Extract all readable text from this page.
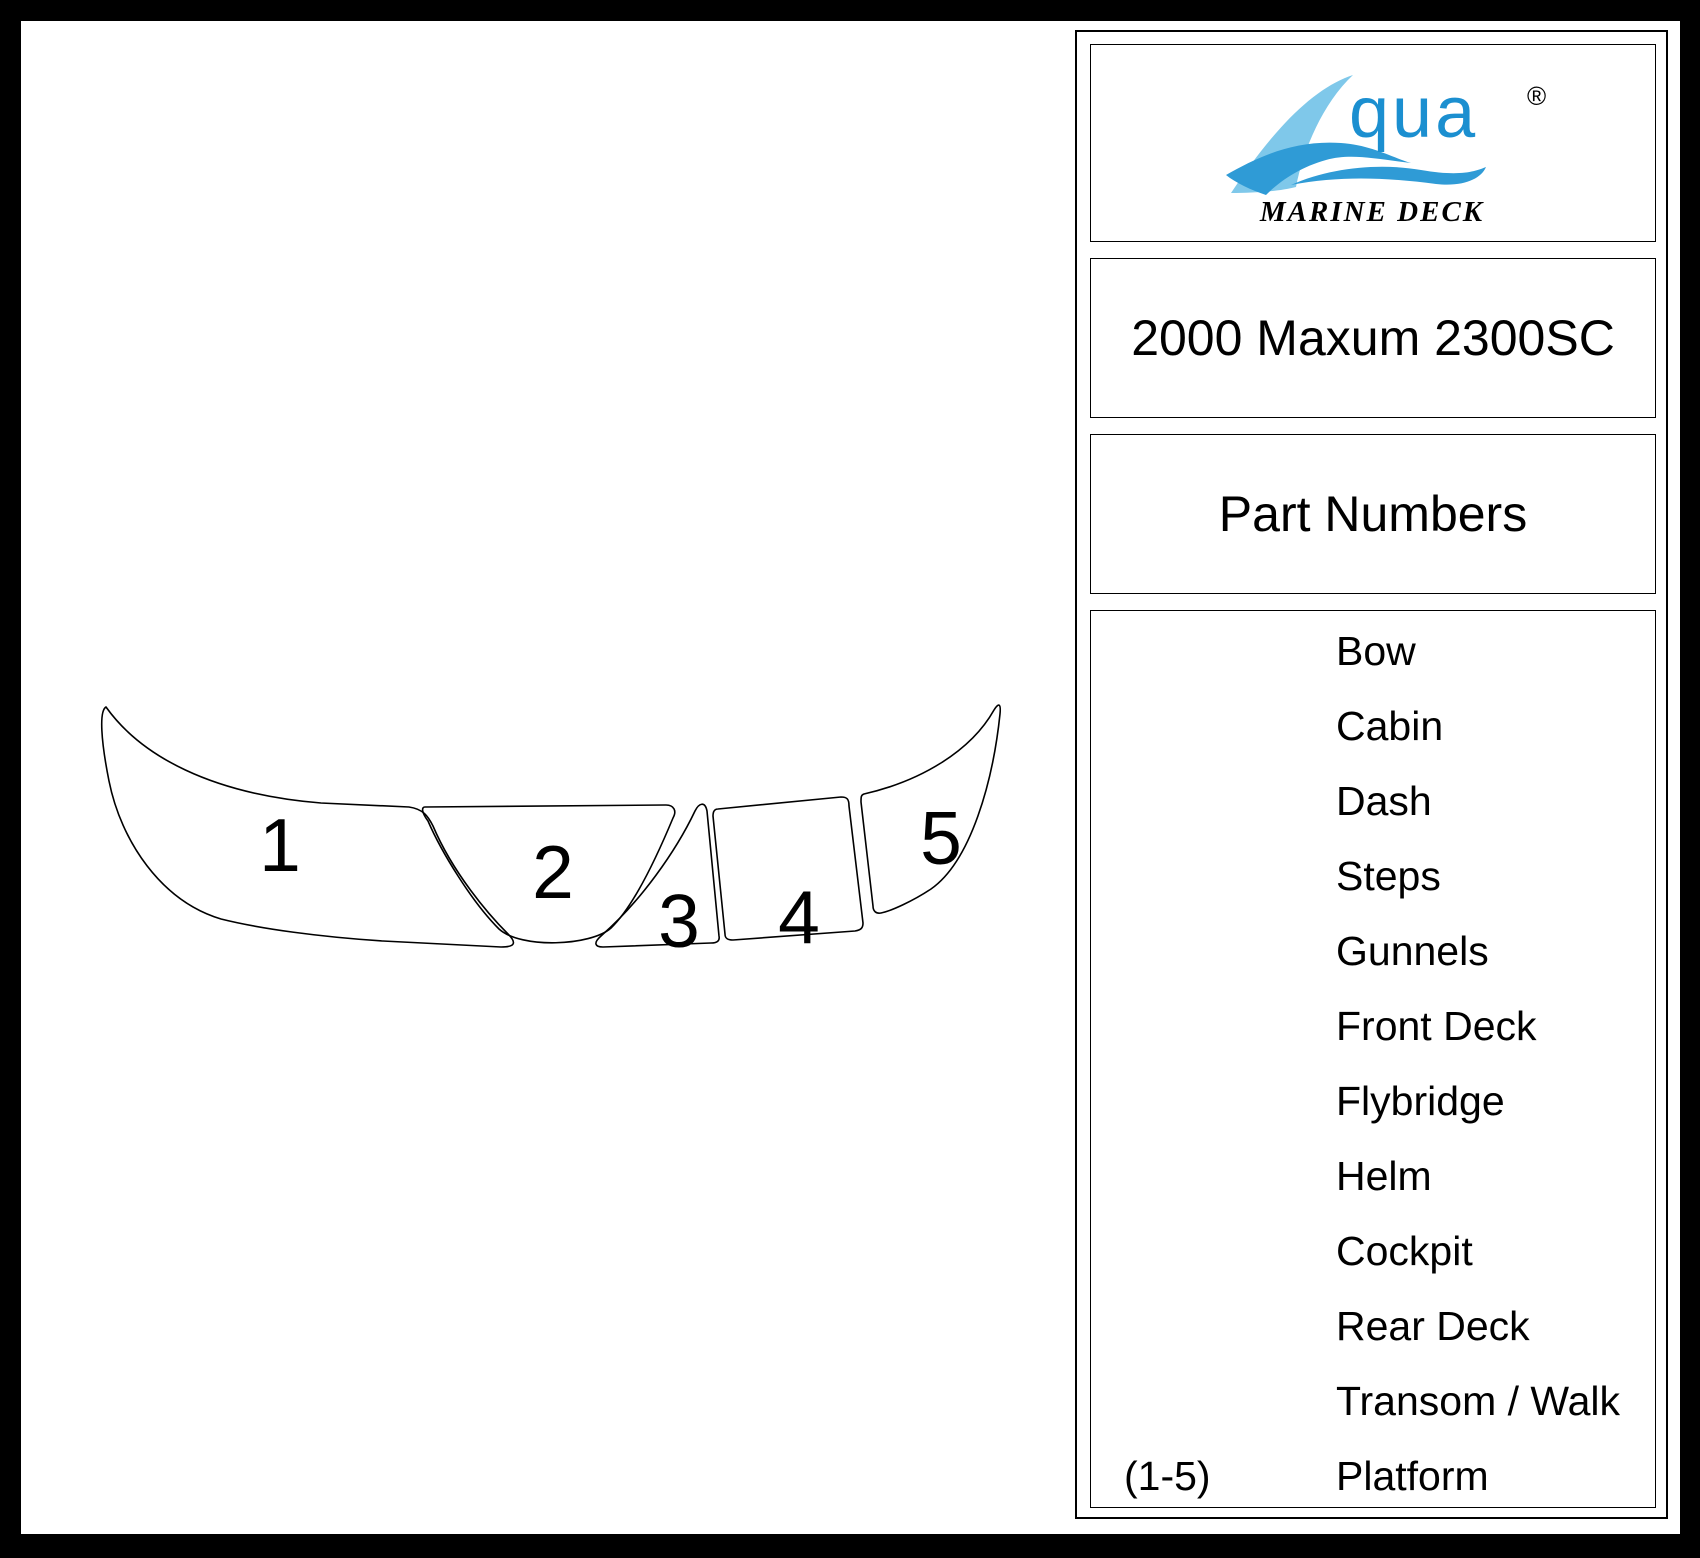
1	2
3 4
5
qua ®
MARINE DECK
2000 Maxum 2300SC
Part Numbers
Bow
Cabin
Dash
Steps
Gunnels
Front Deck
Flybridge
Helm
Cockpit
Rear Deck
Transom / Walk
(1-5)	Platform
